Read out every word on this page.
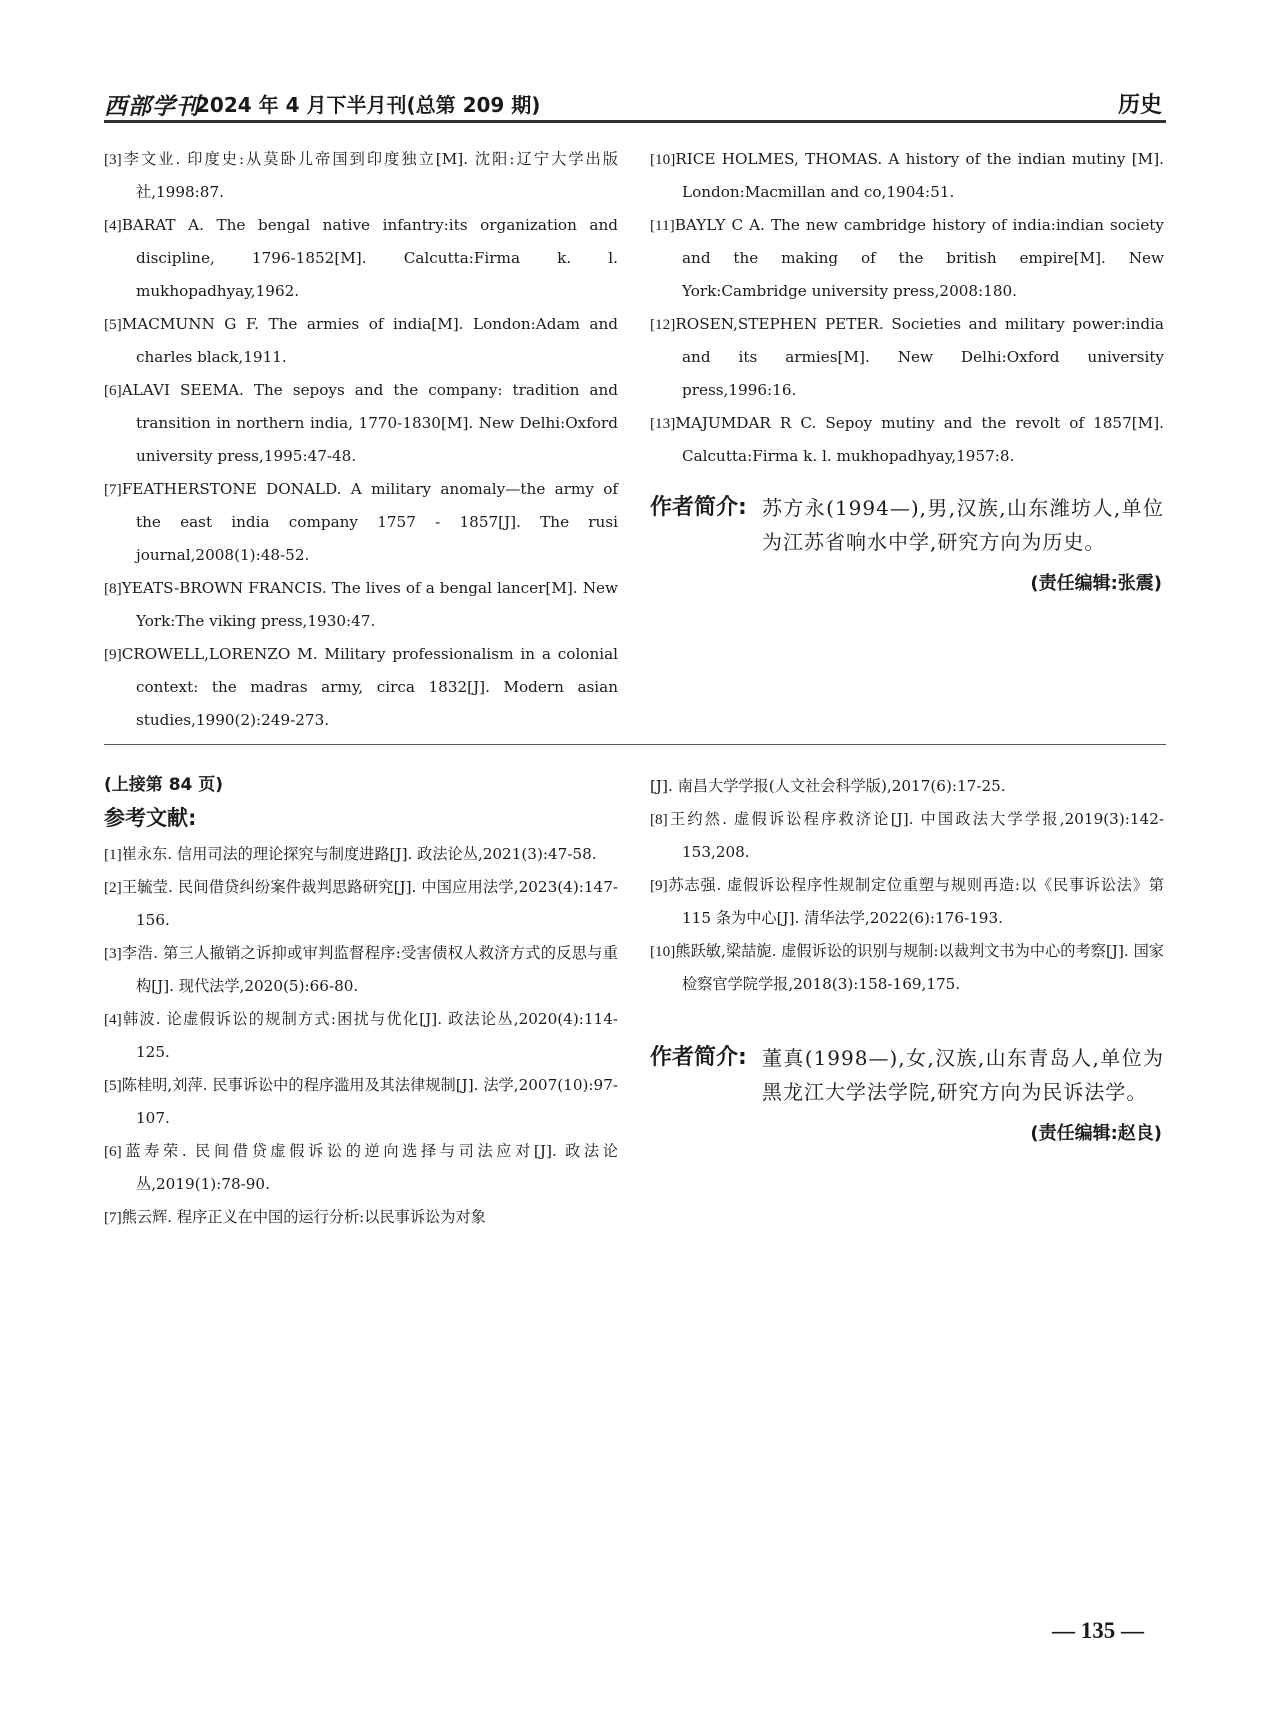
西部学刊
2024 年 4 月下半月刊(总第 209 期)	历史
[3]李文业. 印度史:从莫卧儿帝国到印度独立[M]. 沈阳:辽宁大学出版社,1998:87.
[4]BARAT A. The bengal native infantry:its organization and discipline, 1796-1852[M]. Calcutta:Firma k. l. mukhopadhyay,1962.
[5]MACMUNN G F. The armies of india[M]. London:Adam and charles black,1911.
[6]ALAVI SEEMA. The sepoys and the company: tradition and transition in northern india, 1770-1830[M]. New Delhi:Oxford university press,1995:47-48.
[7]FEATHERSTONE DONALD. A military anomaly—the army of the east india company 1757 - 1857[J]. The rusi journal,2008(1):48-52.
[8]YEATS-BROWN FRANCIS. The lives of a bengal lancer[M]. New York:The viking press,1930:47.
[9]CROWELL,LORENZO M. Military professionalism in a colonial context: the madras army, circa 1832[J]. Modern asian studies,1990(2):249-273.
[10]RICE HOLMES, THOMAS. A history of the indian mutiny [M]. London:Macmillan and co,1904:51.
[11]BAYLY C A. The new cambridge history of india:indian society and the making of the british empire[M]. New York:Cambridge university press,2008:180.
[12]ROSEN,STEPHEN PETER. Societies and military power:india and its armies[M]. New Delhi:Oxford university press,1996:16.
[13]MAJUMDAR R C. Sepoy mutiny and the revolt of 1857[M]. Calcutta:Firma k. l. mukhopadhyay,1957:8.
作者简介: 苏方永(1994—),男,汉族,山东潍坊人,单位为江苏省响水中学,研究方向为历史。
(责任编辑:张震)
(上接第 84 页)
参考文献:
[1]崔永东. 信用司法的理论探究与制度进路[J]. 政法论丛,2021(3):47-58.
[2]王毓莹. 民间借贷纠纷案件裁判思路研究[J]. 中国应用法学,2023(4):147-156.
[3]李浩. 第三人撤销之诉抑或审判监督程序:受害债权人救济方式的反思与重构[J]. 现代法学,2020(5):66-80.
[4]韩波. 论虚假诉讼的规制方式:困扰与优化[J]. 政法论丛,2020(4):114-125.
[5]陈桂明,刘萍. 民事诉讼中的程序滥用及其法律规制[J]. 法学,2007(10):97-107.
[6]蓝寿荣. 民间借贷虚假诉讼的逆向选择与司法应对[J]. 政法论丛,2019(1):78-90.
[7]熊云辉. 程序正义在中国的运行分析:以民事诉讼为对象
[J]. 南昌大学学报(人文社会科学版),2017(6):17-25.
[8]王约然. 虚假诉讼程序救济论[J]. 中国政法大学学报,2019(3):142-153,208.
[9]苏志强. 虚假诉讼程序性规制定位重塑与规则再造:以《民事诉讼法》第 115 条为中心[J]. 清华法学,2022(6):176-193.
[10]熊跃敏,梁喆旎. 虚假诉讼的识别与规制:以裁判文书为中心的考察[J]. 国家检察官学院学报,2018(3):158-169,175.
作者简介: 董真(1998—),女,汉族,山东青岛人,单位为黑龙江大学法学院,研究方向为民诉法学。
(责任编辑:赵良)
— 135 —
